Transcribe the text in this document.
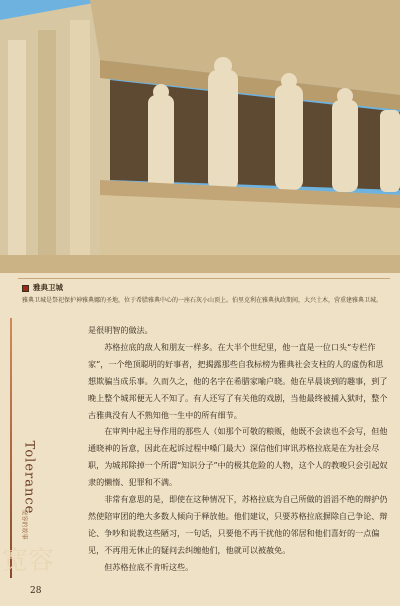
雅典卫城
雅典卫城是祭祀保护神雅典娜的圣地，位于希腊雅典中心的一座石灰小山顶上。伯里克利在雅典执政期间，大兴土木，营重建雅典卫城。
Tolerance
宽容的故事
宽容

是很明智的做法。

苏格拉底的敌人和朋友一样多。在大半个世纪里，他一直是一位口头“专栏作家”，一个绝顶聪明的好事者，把揭露那些自我标榜为雅典社会支柱的人的虚伪和思想欺骗当成乐事。久而久之，他的名字在希腊家喻户晓。他在早晨谈到的趣事，到了晚上整个城邦便无人不知了。有人还写了有关他的戏剧，当他最终被捕入狱时，整个古雅典没有人不熟知他一生中的所有细节。

在审判中起主导作用的那些人（如那个可敬的粮贩，他既不会读也不会写，但他通晓神的旨意，因此在起诉过程中嗓门最大）深信他们审讯苏格拉底是在为社会尽职，为城邦除掉一个所谓“知识分子”中的极其危险的人物，这个人的教唆只会引起奴隶的懒惰、犯罪和不满。

非常有意思的是，即使在这种情况下，苏格拉底为自己所做的滔滔不绝的辩护仍然使陪审团的绝大多数人倾向于释放他。他们建议，只要苏格拉底摒除自己争论、辩论、争吵和说教这些陋习，一句话，只要他不再干扰他的邻居和他们喜好的一点偏见，不再用无休止的疑问去纠缠他们，他就可以被赦免。

但苏格拉底不肯听这些。

28
